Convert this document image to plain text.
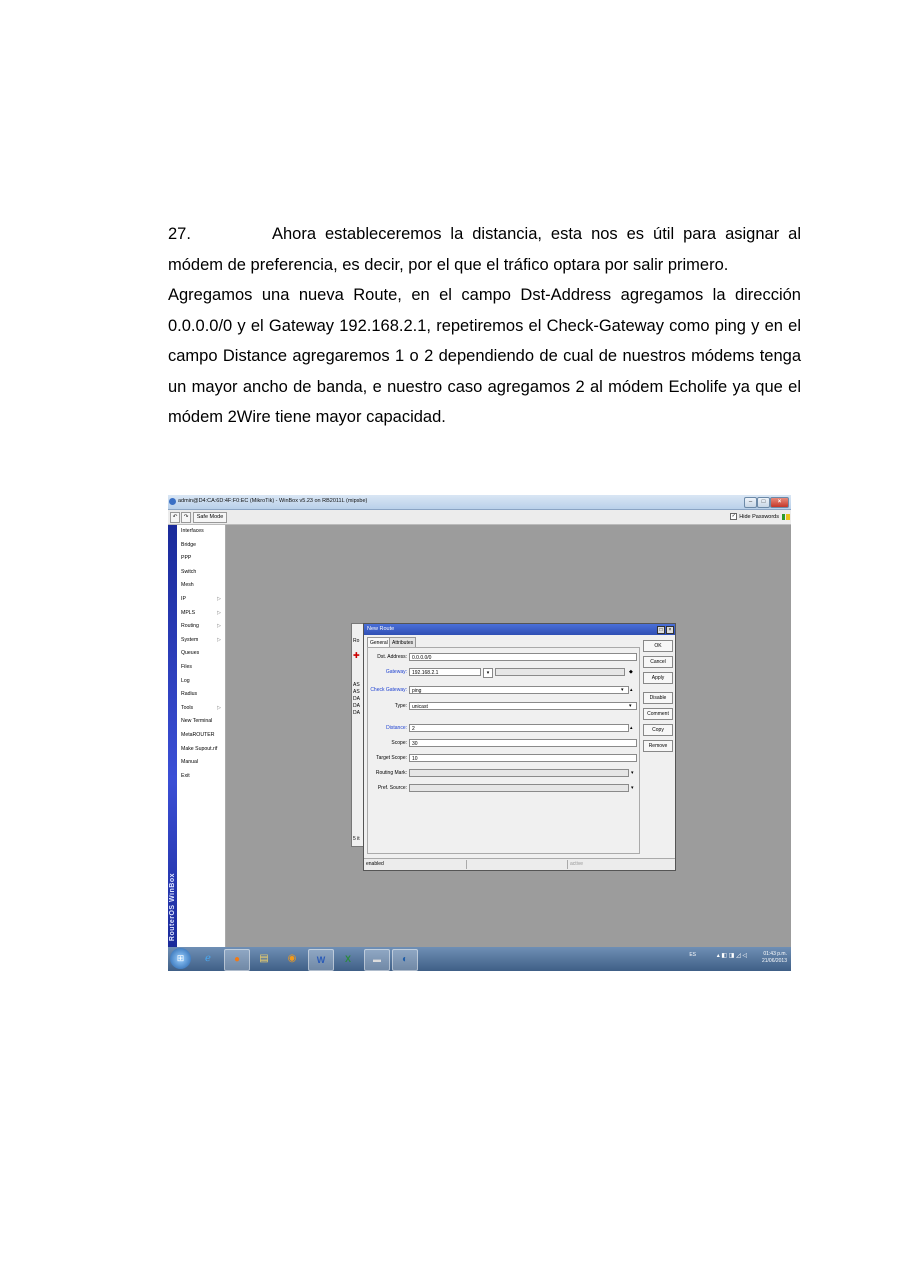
27.	Ahora estableceremos la distancia, esta nos es útil para asignar al módem de preferencia, es decir, por el que el tráfico optara por salir primero.
Agregamos una nueva Route, en el campo Dst-Address agregamos la dirección 0.0.0.0/0 y el Gateway 192.168.2.1, repetiremos el Check-Gateway como ping y en el campo Distance agregaremos 1 o 2 dependiendo de cual de nuestros módems tenga un mayor ancho de banda, e nuestro caso agregamos 2 al módem Echolife ya que el módem 2Wire tiene mayor capacidad.
admin@D4:CA:6D:4F:F0:EC (MikroTik) - WinBox v5.23 on RB2011L (mipsbe)	–	□	×
↶	↷	Safe Mode	✓ Hide Passwords
RouterOS WinBox
Interfaces
Bridge
PPP
Switch
Mesh
IP	▷
MPLS	▷
Routing	▷
System	▷
Queues
Files
Log
Radius
Tools	▷
New Terminal
MetaROUTER
Make Supout.rif
Manual
Exit
Ro
✚
AS
AS
DA
DA
DA
5 it
New Route	□	×
General Attributes
Dst. Address:	0.0.0.0/0
Gateway:	192.168.2.1	▾	◆
Check Gateway:	ping	▾ ▴
Type:	unicast	▾
Distance:	2	▴
Scope:	30
Target Scope:	10
Routing Mark:	▾
Pref. Source:	▾
OK
Cancel
Apply
Disable
Comment
Copy
Remove
enabled	active
⊞	ℯ	●	▤	◉	W	X	▬	◐	ES	▴ ◧ ◨ ◿ ◁	01:43 p.m.
21/06/2013
